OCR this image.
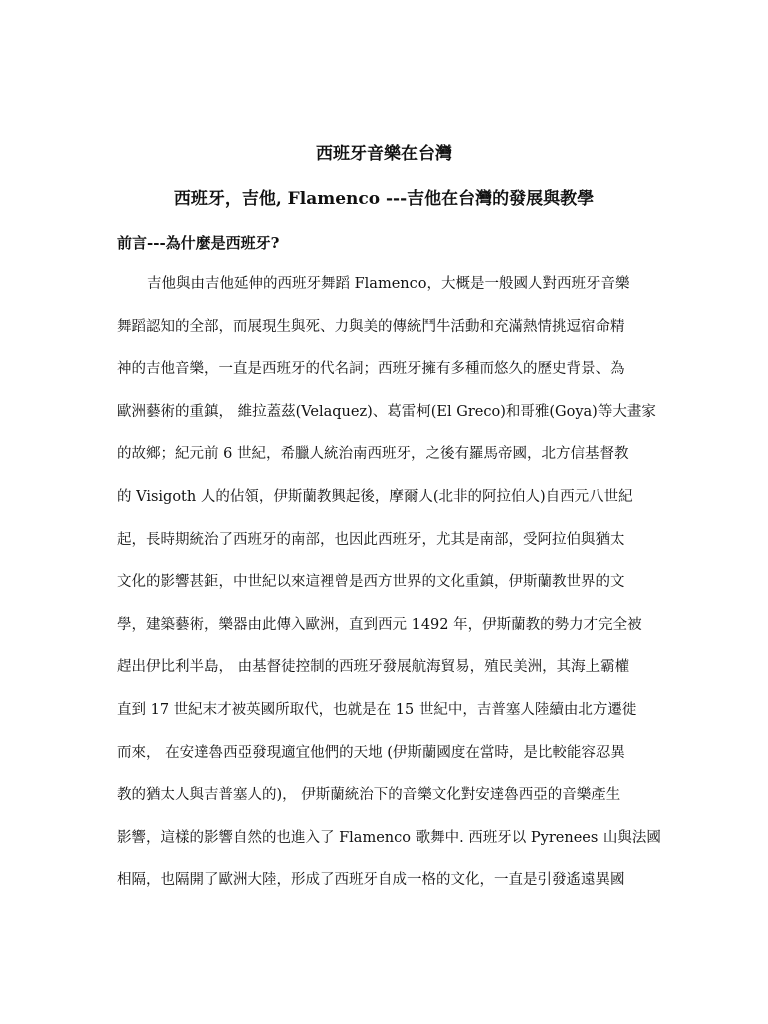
西班牙音樂在台灣
西班牙，吉他, Flamenco ---吉他在台灣的發展與教學
前言---為什麼是西班牙?
吉他與由吉他延伸的西班牙舞蹈 Flamenco，大概是一般國人對西班牙音樂
舞蹈認知的全部，而展現生與死、力與美的傳統鬥牛活動和充滿熱情挑逗宿命精
神的吉他音樂，一直是西班牙的代名詞；西班牙擁有多種而悠久的歷史背景、為
歐洲藝術的重鎮， 維拉蓋茲(Velaquez)、葛雷柯(El Greco)和哥雅(Goya)等大畫家
的故鄉；紀元前 6 世紀，希臘人統治南西班牙，之後有羅馬帝國，北方信基督教
的 Visigoth 人的佔領，伊斯蘭教興起後，摩爾人(北非的阿拉伯人)自西元八世紀
起，長時期統治了西班牙的南部，也因此西班牙，尤其是南部，受阿拉伯與猶太
文化的影響甚鉅，中世紀以來這裡曾是西方世界的文化重鎮，伊斯蘭教世界的文
學，建築藝術，樂器由此傳入歐洲，直到西元 1492 年，伊斯蘭教的勢力才完全被
趕出伊比利半島， 由基督徒控制的西班牙發展航海貿易，殖民美洲，其海上霸權
直到 17 世紀末才被英國所取代，也就是在 15 世紀中，吉普塞人陸續由北方遷徙
而來， 在安達魯西亞發現適宜他們的天地 (伊斯蘭國度在當時，是比較能容忍異
教的猶太人與吉普塞人的)， 伊斯蘭統治下的音樂文化對安達魯西亞的音樂產生
影響，這樣的影響自然的也進入了 Flamenco 歌舞中. 西班牙以 Pyrenees 山與法國
相隔，也隔開了歐洲大陸，形成了西班牙自成一格的文化，一直是引發遙遠異國
